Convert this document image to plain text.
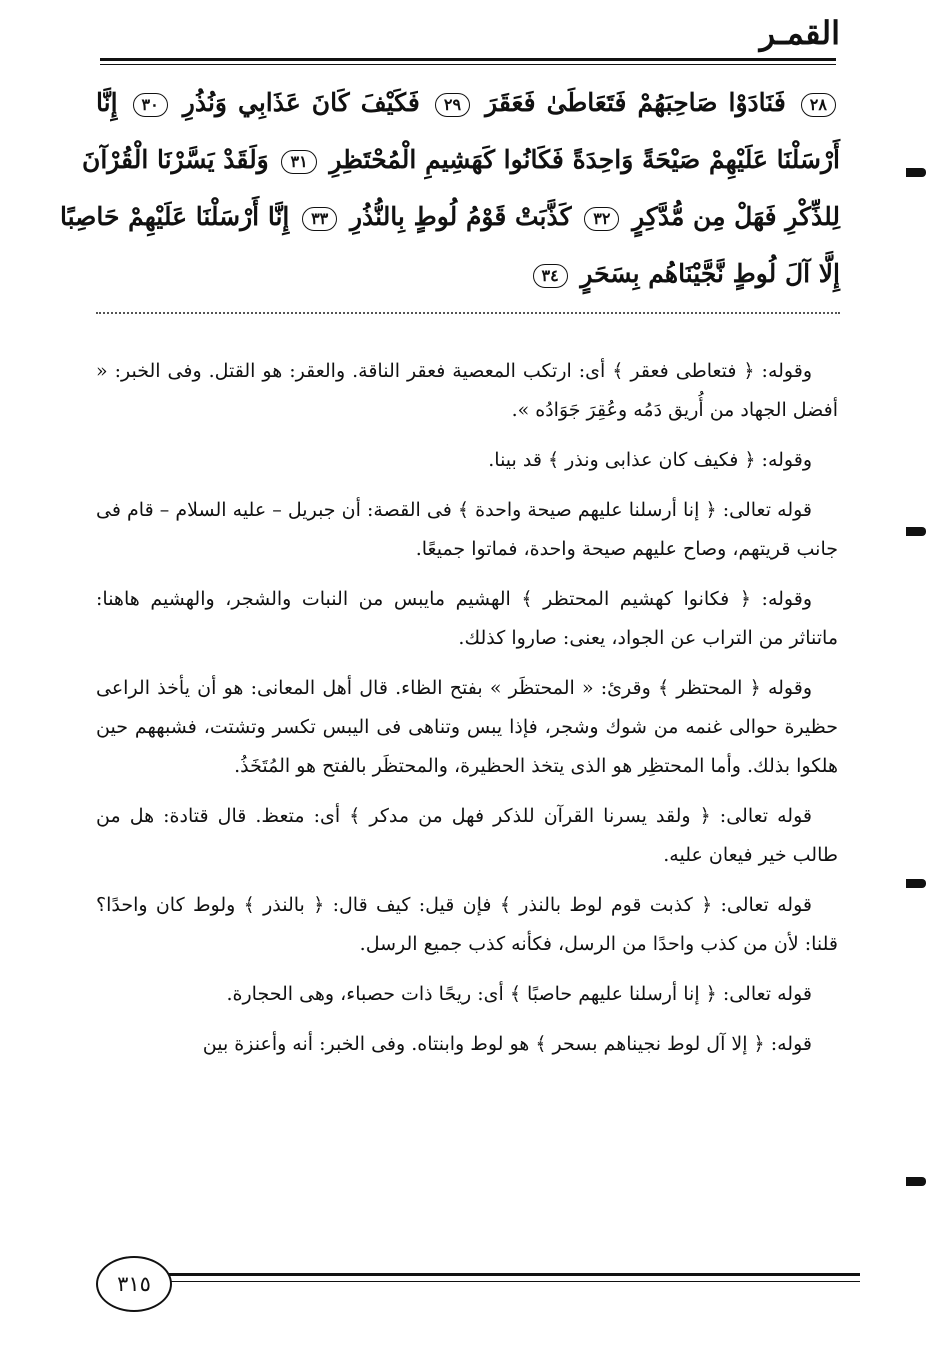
القمـر
٢٨ فَنَادَوْا صَاحِبَهُمْ فَتَعَاطَىٰ فَعَقَرَ ٢٩ فَكَيْفَ كَانَ عَذَابِي وَنُذُرِ ٣٠ إِنَّا
أَرْسَلْنَا عَلَيْهِمْ صَيْحَةً وَاحِدَةً فَكَانُوا كَهَشِيمِ الْمُحْتَظِرِ ٣١ وَلَقَدْ يَسَّرْنَا الْقُرْآنَ
لِلذِّكْرِ فَهَلْ مِن مُّدَّكِرٍ ٣٢ كَذَّبَتْ قَوْمُ لُوطٍ بِالنُّذُرِ ٣٣ إِنَّا أَرْسَلْنَا عَلَيْهِمْ حَاصِبًا
إِلَّا آلَ لُوطٍ نَّجَّيْنَاهُم بِسَحَرٍ ٣٤

وقوله: ﴿ فتعاطى فعقر ﴾ أى: ارتكب المعصية فعقر الناقة. والعقر: هو القتل. وفى الخبر: « أفضل الجهاد من أُريق دَمُه وعُقِرَ جَوَادُه ».

وقوله: ﴿ فكيف كان عذابى ونذر ﴾ قد بينا.

قوله تعالى: ﴿ إنا أرسلنا عليهم صيحة واحدة ﴾ فى القصة: أن جبريل – عليه السلام – قام فى جانب قريتهم، وصاح عليهم صيحة واحدة، فماتوا جميعًا.

وقوله: ﴿ فكانوا كهشيم المحتظر ﴾ الهشيم مايبس من النبات والشجر، والهشيم هاهنا: ماتناثر من التراب عن الجواد، يعنى: صاروا كذلك.

وقوله ﴿ المحتظر ﴾ وقرئ: « المحتظَر » بفتح الظاء. قال أهل المعانى: هو أن يأخذ الراعى حظيرة حوالى غنمه من شوك وشجر، فإذا يبس وتناهى فى اليبس تكسر وتشتت، فشبههم حين هلكوا بذلك. وأما المحتظِر هو الذى يتخذ الحظيرة، والمحتظَر بالفتح هو المُتَخَذُ.

قوله تعالى: ﴿ ولقد يسرنا القرآن للذكر فهل من مدكر ﴾ أى: متعظ. قال قتادة: هل من طالب خير فيعان عليه.

قوله تعالى: ﴿ كذبت قوم لوط بالنذر ﴾ فإن قيل: كيف قال: ﴿ بالنذر ﴾ ولوط كان واحدًا؟ قلنا: لأن من كذب واحدًا من الرسل، فكأنه كذب جميع الرسل.

قوله تعالى: ﴿ إنا أرسلنا عليهم حاصبًا ﴾ أى: ريحًا ذات حصباء، وهى الحجارة.

قوله: ﴿ إلا آل لوط نجيناهم بسحر ﴾ هو لوط وابنتاه. وفى الخبر: أنه وأعنزة بين

٣١٥
